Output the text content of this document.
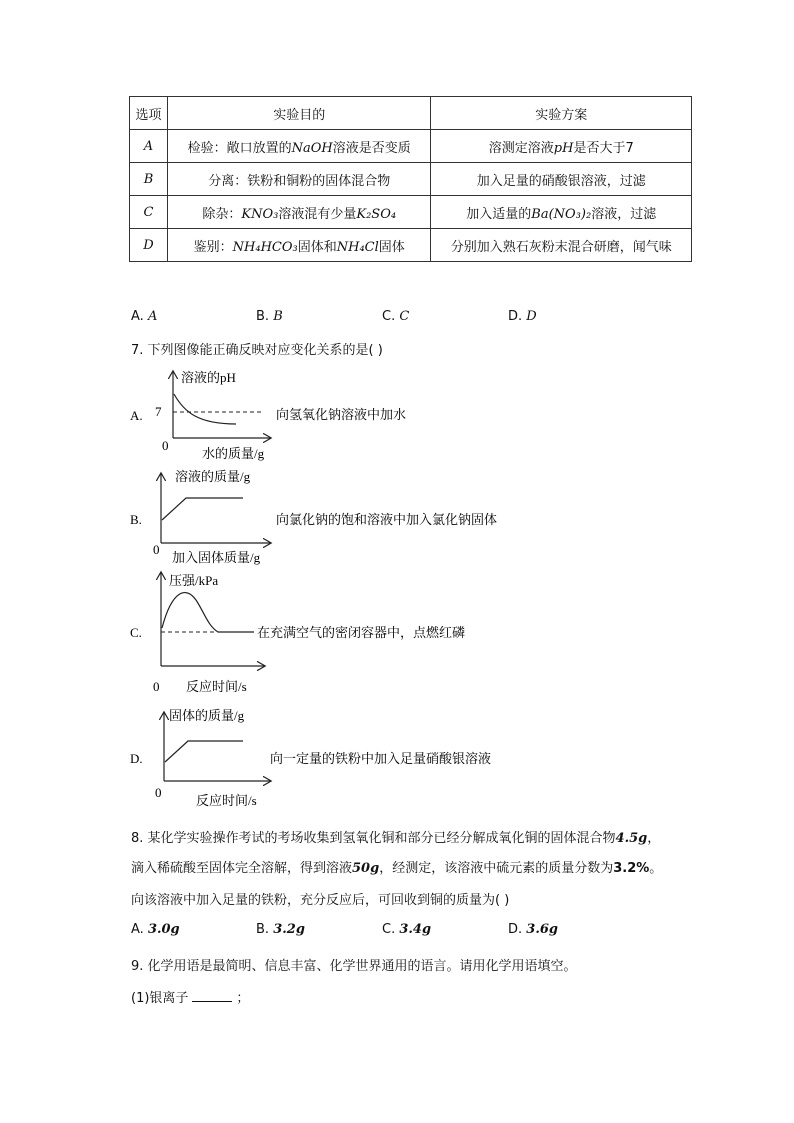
选项	实验目的	实验方案
A	检验：敞口放置的NaOH溶液是否变质	溶测定溶液pH是否大于7
B	分离：铁粉和铜粉的固体混合物	加入足量的硝酸银溶液，过滤
C	除杂：KNO₃溶液混有少量K₂SO₄	加入适量的Ba(NO₃)₂溶液，过滤
D	鉴别：NH₄HCO₃固体和NH₄Cl固体	分别加入熟石灰粉末混合研磨，闻气味
A. A	B. B	C. C	D. D
7. 下列图像能正确反映对应变化关系的是( )
A.
溶液的pH
7
0
水的质量/g
向氢氧化钠溶液中加水
B.
溶液的质量/g
0
加入固体质量/g
向氯化钠的饱和溶液中加入氯化钠固体
C.
压强/kPa
0 反应时间/s
在充满空气的密闭容器中，点燃红磷
D.
固体的质量/g
0
反应时间/s
向一定量的铁粉中加入足量硝酸银溶液
8. 某化学实验操作考试的考场收集到氢氧化铜和部分已经分解成氧化铜的固体混合物4.5g，
滴入稀硫酸至固体完全溶解，得到溶液50g，经测定，该溶液中硫元素的质量分数为3.2%。
向该溶液中加入足量的铁粉，充分反应后，可回收到铜的质量为( )
A. 3.0g	B. 3.2g	C. 3.4g	D. 3.6g
9. 化学用语是最简明、信息丰富、化学世界通用的语言。请用化学用语填空。
(1)银离子	；
